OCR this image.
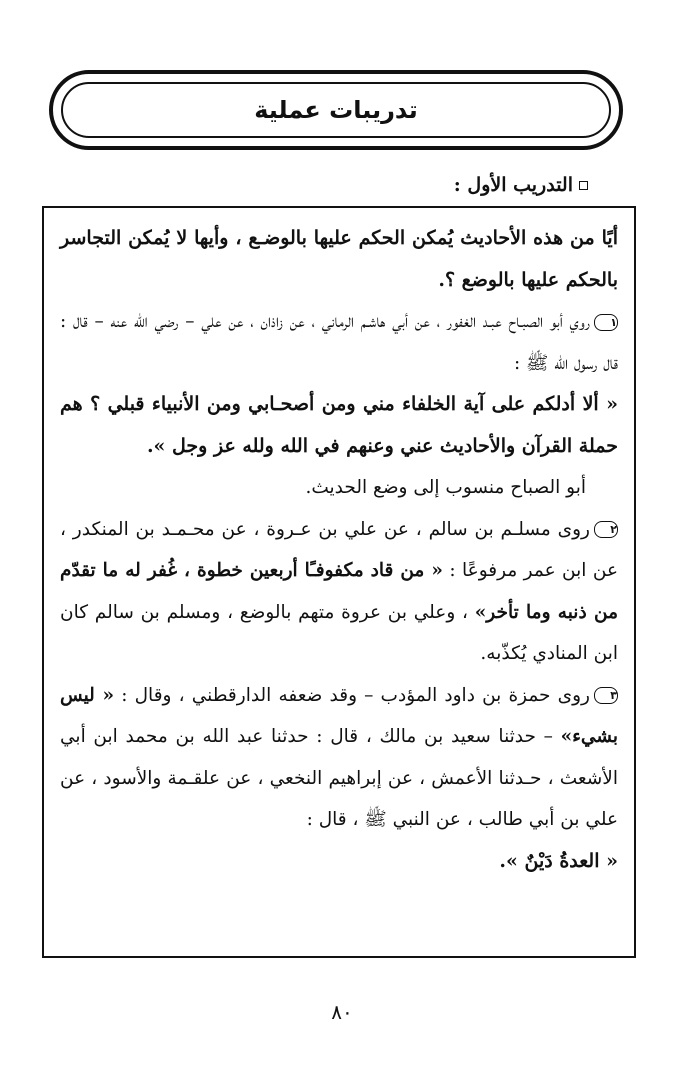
تدريبات عملية
التدريب الأول :

أيًا من هذه الأحاديث يُمكن الحكم عليها بالوضـع ، وأيها لا يُمكن التجاسر بالحكم عليها بالوضع ؟.

١روي أبو الصبـاح عبـد الغفور ، عن أبي هاشـم الرماني ، عن زاذان ، عن علي – رضي الله عنه – قال : قال رسول الله ﷺ :

« ألا أدلكم على آية الخلفاء مني ومن أصحـابي ومن الأنبياء قبلي ؟ هم حملة القرآن والأحاديث عني وعنهم في الله ولله عز وجل ».

أبو الصباح منسوب إلى وضع الحديث.

٢روى مسلـم بن سالم ، عن علي بن عـروة ، عن محـمـد بن المنكدر ، عن ابن عمر مرفوعًا : « من قاد مكفوفـًا أربعين خطوة ، غُفر له ما تقدّم من ذنبه وما تأخر» ، وعلي بن عروة متهم بالوضع ، ومسلم بن سالم كان ابن المنادي يُكذّبه.

٣روى حمزة بن داود المؤدب – وقد ضعفه الدارقطني ، وقال : « ليس بشيء» – حدثنا سعيد بن مالك ، قال : حدثنا عبد الله بن محمد ابن أبي الأشعث ، حـدثنا الأعمش ، عن إبراهيم النخعي ، عن علقـمة والأسود ، عن علي بن أبي طالب ، عن النبي ﷺ ، قال :

« العدةُ دَيْنٌ ».

٨٠
